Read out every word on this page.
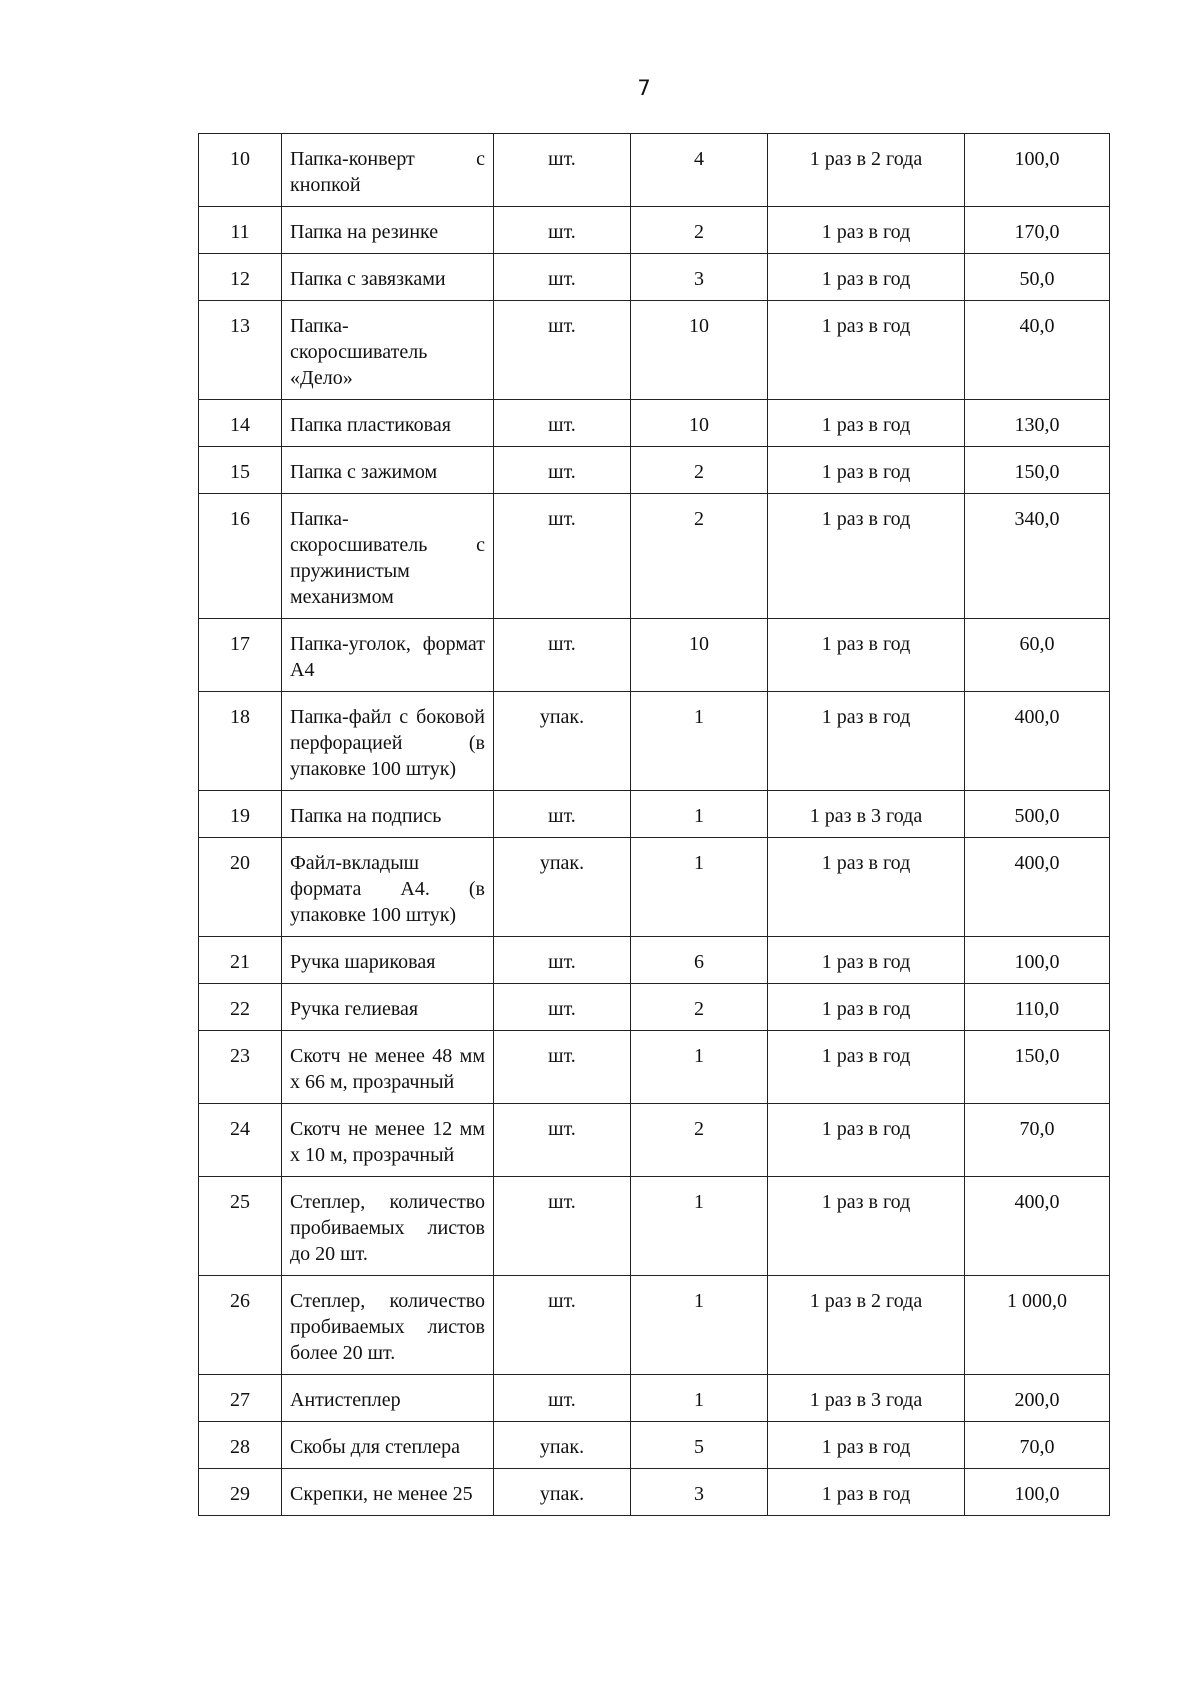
7
10	Папка-конверт с кнопкой	шт.	4	1 раз в 2 года	100,0
11	Папка на резинке	шт.	2	1 раз в год	170,0
12	Папка с завязками	шт.	3	1 раз в год	50,0
13	Папка-скоросшиватель «Дело»	шт.	10	1 раз в год	40,0
14	Папка пластиковая	шт.	10	1 раз в год	130,0
15	Папка с зажимом	шт.	2	1 раз в год	150,0
16	Папка-скоросшиватель с пружинистым механизмом	шт.	2	1 раз в год	340,0
17	Папка-уголок, формат А4	шт.	10	1 раз в год	60,0
18	Папка-файл с боковой перфорацией (в упаковке 100 штук)	упак.	1	1 раз в год	400,0
19	Папка на подпись	шт.	1	1 раз в 3 года	500,0
20	Файл-вкладыш формата А4. (в упаковке 100 штук)	упак.	1	1 раз в год	400,0
21	Ручка шариковая	шт.	6	1 раз в год	100,0
22	Ручка гелиевая	шт.	2	1 раз в год	110,0
23	Скотч не менее 48 мм х 66 м, прозрачный	шт.	1	1 раз в год	150,0
24	Скотч не менее 12 мм х 10 м, прозрачный	шт.	2	1 раз в год	70,0
25	Степлер, количество пробиваемых листов до 20 шт.	шт.	1	1 раз в год	400,0
26	Степлер, количество пробиваемых листов более 20 шт.	шт.	1	1 раз в 2 года	1 000,0
27	Антистеплер	шт.	1	1 раз в 3 года	200,0
28	Скобы для степлера	упак.	5	1 раз в год	70,0
29	Скрепки, не менее 25	упак.	3	1 раз в год	100,0
